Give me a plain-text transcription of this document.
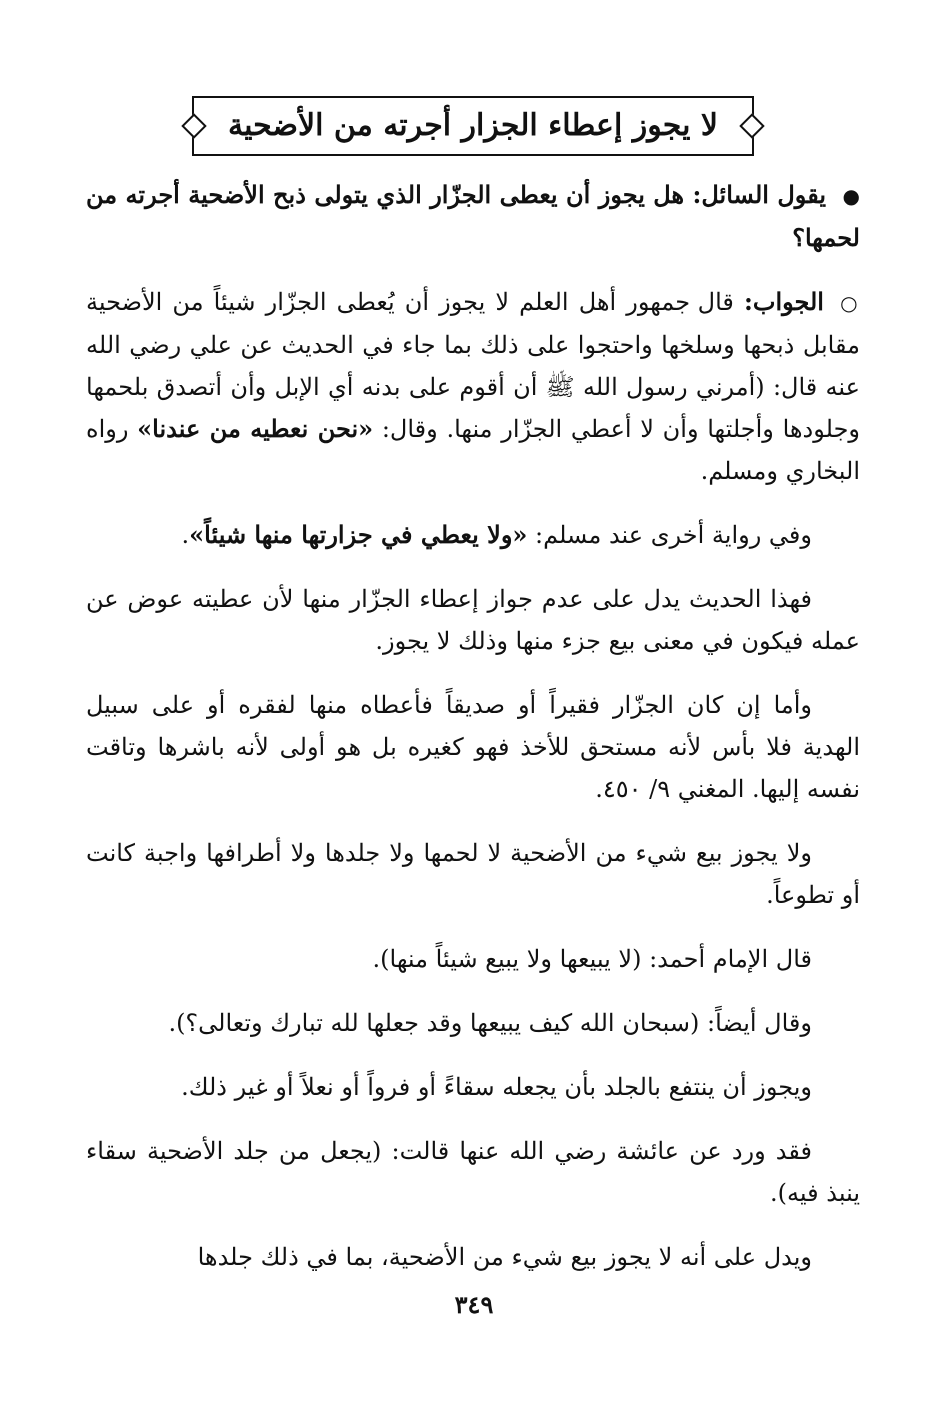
لا يجوز إعطاء الجزار أجرته من الأضحية

● يقول السائل: هل يجوز أن يعطى الجزّار الذي يتولى ذبح الأضحية أجرته من لحمها؟

○ الجواب: قال جمهور أهل العلم لا يجوز أن يُعطى الجزّار شيئاً من الأضحية مقابل ذبحها وسلخها واحتجوا على ذلك بما جاء في الحديث عن علي رضي الله عنه قال: (أمرني رسول الله ﷺ أن أقوم على بدنه أي الإبل وأن أتصدق بلحمها وجلودها وأجلتها وأن لا أعطي الجزّار منها. وقال: «نحن نعطيه من عندنا» رواه البخاري ومسلم.

وفي رواية أخرى عند مسلم: «ولا يعطي في جزارتها منها شيئاً».

فهذا الحديث يدل على عدم جواز إعطاء الجزّار منها لأن عطيته عوض عن عمله فيكون في معنى بيع جزء منها وذلك لا يجوز.

وأما إن كان الجزّار فقيراً أو صديقاً فأعطاه منها لفقره أو على سبيل الهدية فلا بأس لأنه مستحق للأخذ فهو كغيره بل هو أولى لأنه باشرها وتاقت نفسه إليها. المغني ٩/ ٤٥٠.

ولا يجوز بيع شيء من الأضحية لا لحمها ولا جلدها ولا أطرافها واجبة كانت أو تطوعاً.

قال الإمام أحمد: (لا يبيعها ولا يبيع شيئاً منها).

وقال أيضاً: (سبحان الله كيف يبيعها وقد جعلها لله تبارك وتعالى؟).

ويجوز أن ينتفع بالجلد بأن يجعله سقاءً أو فرواً أو نعلاً أو غير ذلك.

فقد ورد عن عائشة رضي الله عنها قالت: (يجعل من جلد الأضحية سقاء ينبذ فيه).

ويدل على أنه لا يجوز بيع شيء من الأضحية، بما في ذلك جلدها

٣٤٩
